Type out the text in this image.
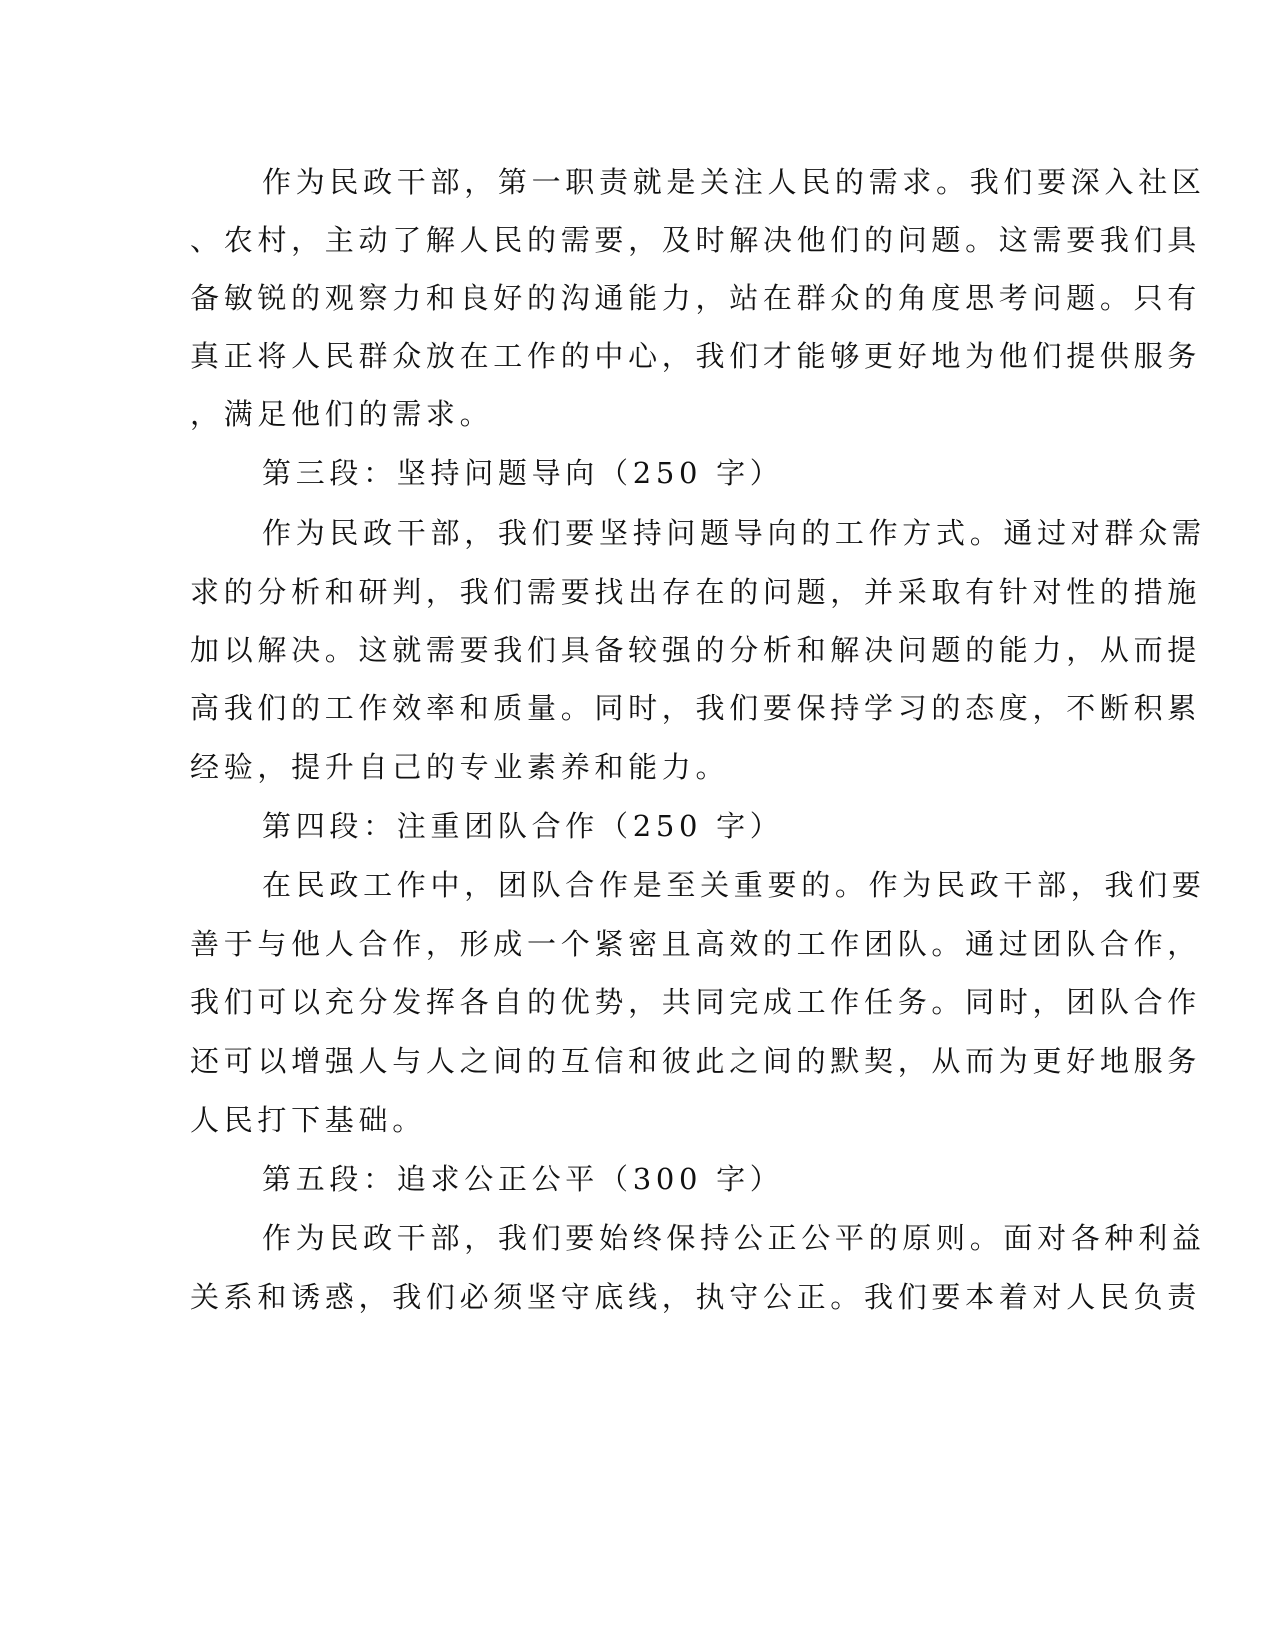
作为民政干部，第一职责就是关注人民的需求。我们要深入社区

、农村，主动了解人民的需要，及时解决他们的问题。这需要我们具

备敏锐的观察力和良好的沟通能力，站在群众的角度思考问题。只有

真正将人民群众放在工作的中心，我们才能够更好地为他们提供服务

，满足他们的需求。

第三段：坚持问题导向（250 字）

作为民政干部，我们要坚持问题导向的工作方式。通过对群众需

求的分析和研判，我们需要找出存在的问题，并采取有针对性的措施

加以解决。这就需要我们具备较强的分析和解决问题的能力，从而提

高我们的工作效率和质量。同时，我们要保持学习的态度，不断积累

经验，提升自己的专业素养和能力。

第四段：注重团队合作（250 字）

在民政工作中，团队合作是至关重要的。作为民政干部，我们要

善于与他人合作，形成一个紧密且高效的工作团队。通过团队合作，

我们可以充分发挥各自的优势，共同完成工作任务。同时，团队合作

还可以增强人与人之间的互信和彼此之间的默契，从而为更好地服务

人民打下基础。

第五段：追求公正公平（300 字）

作为民政干部，我们要始终保持公正公平的原则。面对各种利益

关系和诱惑，我们必须坚守底线，执守公正。我们要本着对人民负责
